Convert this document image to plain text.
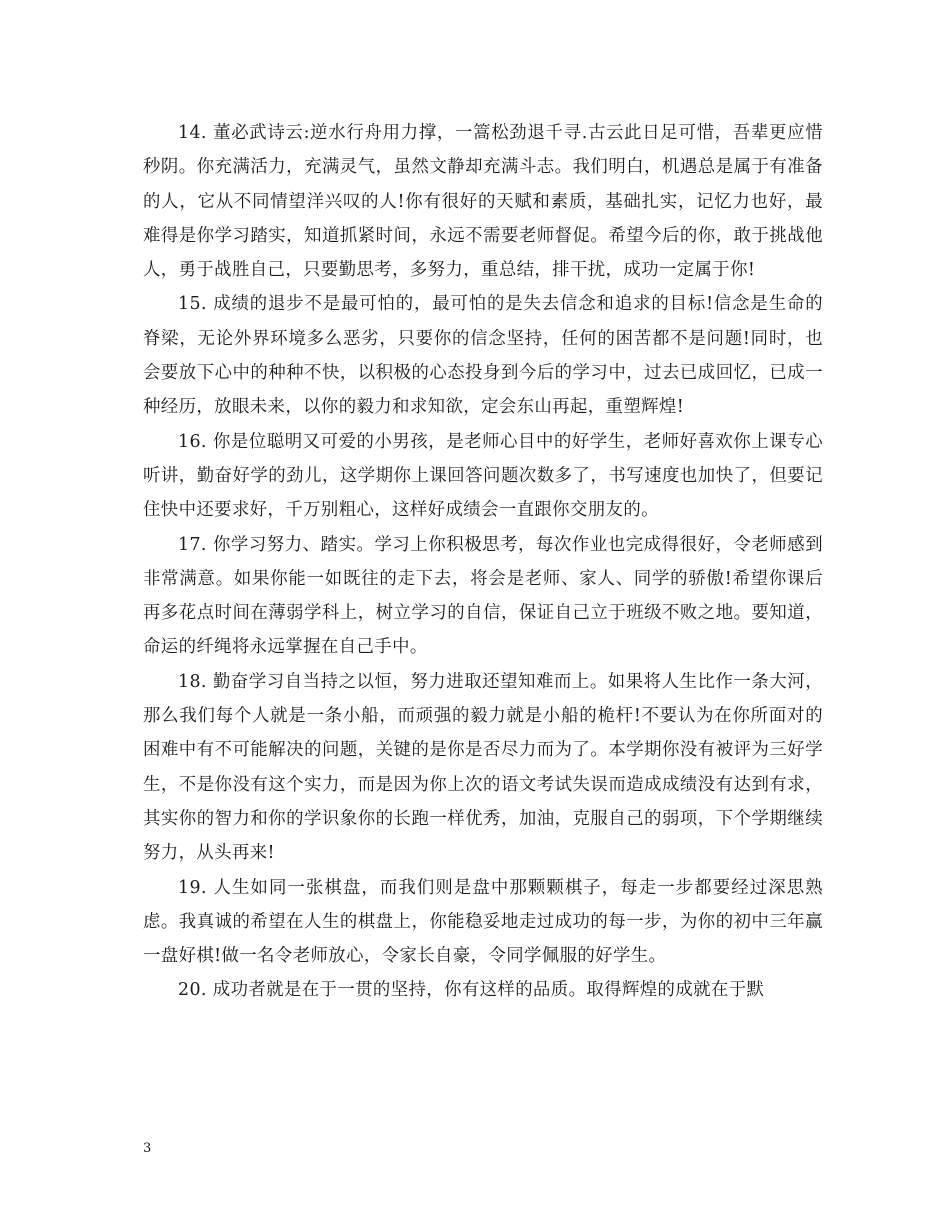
14. 董必武诗云:逆水行舟用力撑，一篙松劲退千寻.古云此日足可惜，吾辈更应惜秒阴。你充满活力，充满灵气，虽然文静却充满斗志。我们明白，机遇总是属于有准备的人，它从不同情望洋兴叹的人!你有很好的天赋和素质，基础扎实，记忆力也好，最难得是你学习踏实，知道抓紧时间，永远不需要老师督促。希望今后的你，敢于挑战他人，勇于战胜自己，只要勤思考，多努力，重总结，排干扰，成功一定属于你!

15. 成绩的退步不是最可怕的，最可怕的是失去信念和追求的目标!信念是生命的脊梁，无论外界环境多么恶劣，只要你的信念坚持，任何的困苦都不是问题!同时，也会要放下心中的种种不快，以积极的心态投身到今后的学习中，过去已成回忆，已成一种经历，放眼未来，以你的毅力和求知欲，定会东山再起，重塑辉煌!

16. 你是位聪明又可爱的小男孩，是老师心目中的好学生，老师好喜欢你上课专心听讲，勤奋好学的劲儿，这学期你上课回答问题次数多了，书写速度也加快了，但要记住快中还要求好，千万别粗心，这样好成绩会一直跟你交朋友的。

17. 你学习努力、踏实。学习上你积极思考，每次作业也完成得很好，令老师感到非常满意。如果你能一如既往的走下去，将会是老师、家人、同学的骄傲!希望你课后再多花点时间在薄弱学科上，树立学习的自信，保证自己立于班级不败之地。要知道，命运的纤绳将永远掌握在自己手中。

18. 勤奋学习自当持之以恒，努力进取还望知难而上。如果将人生比作一条大河，那么我们每个人就是一条小船，而顽强的毅力就是小船的桅杆!不要认为在你所面对的困难中有不可能解决的问题，关键的是你是否尽力而为了。本学期你没有被评为三好学生，不是你没有这个实力，而是因为你上次的语文考试失误而造成成绩没有达到有求，其实你的智力和你的学识象你的长跑一样优秀，加油，克服自己的弱项，下个学期继续努力，从头再来!

19. 人生如同一张棋盘，而我们则是盘中那颗颗棋子，每走一步都要经过深思熟虑。我真诚的希望在人生的棋盘上，你能稳妥地走过成功的每一步，为你的初中三年赢一盘好棋!做一名令老师放心，令家长自豪，令同学佩服的好学生。

20. 成功者就是在于一贯的坚持，你有这样的品质。取得辉煌的成就在于默

3
